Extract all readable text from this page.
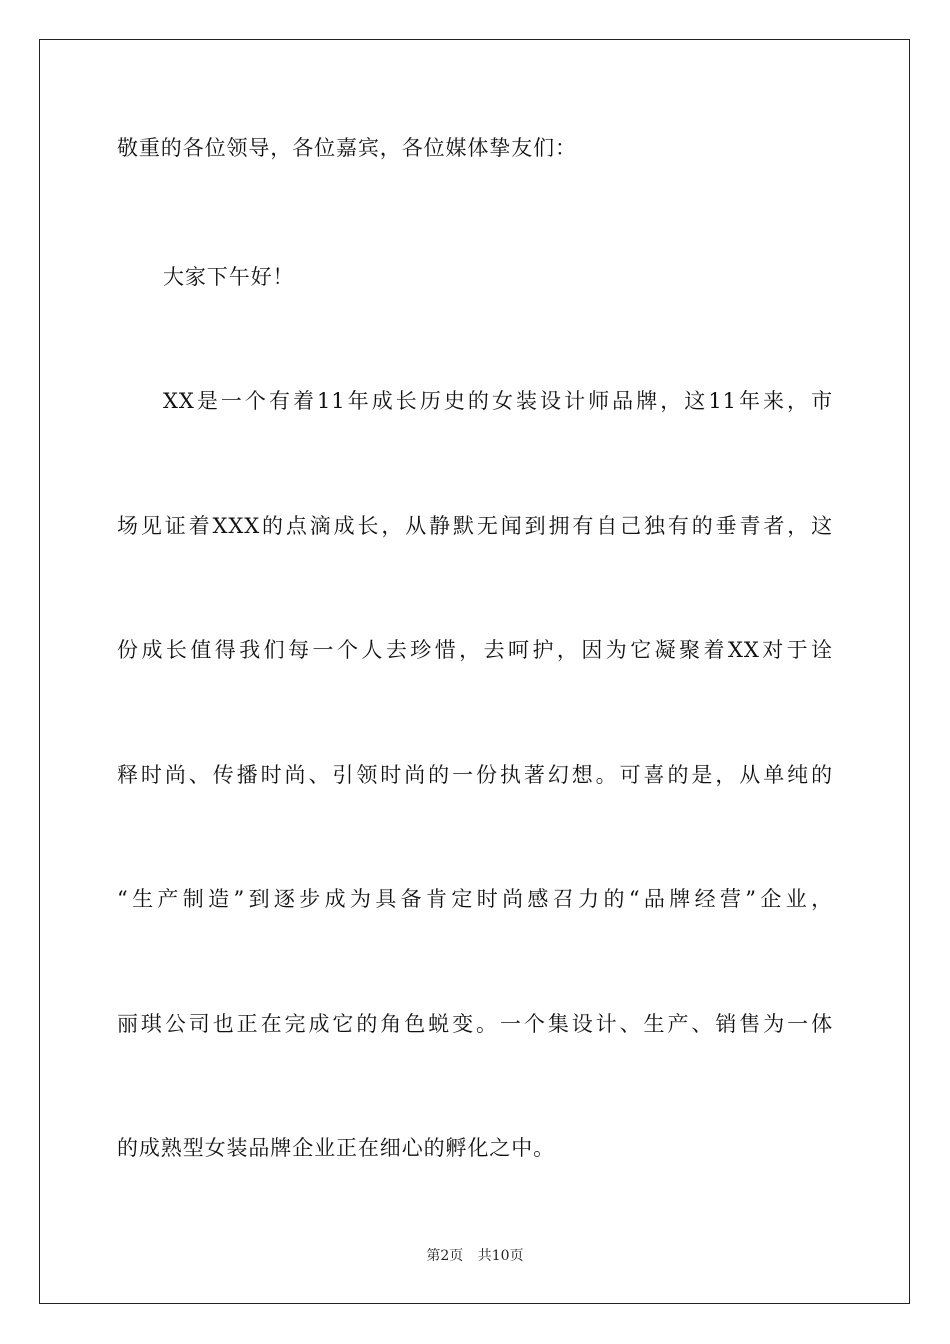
敬重的各位领导，各位嘉宾，各位媒体挚友们：
大家下午好！
XX是一个有着11年成长历史的女装设计师品牌，这11年来，市
场见证着XXX的点滴成长，从静默无闻到拥有自己独有的垂青者，这
份成长值得我们每一个人去珍惜，去呵护，因为它凝聚着XX对于诠
释时尚、传播时尚、引领时尚的一份执著幻想。可喜的是，从单纯的
“生产制造”到逐步成为具备肯定时尚感召力的“品牌经营”企业，
丽琪公司也正在完成它的角色蜕变。一个集设计、生产、销售为一体
的成熟型女装品牌企业正在细心的孵化之中。
第2页 共10页
